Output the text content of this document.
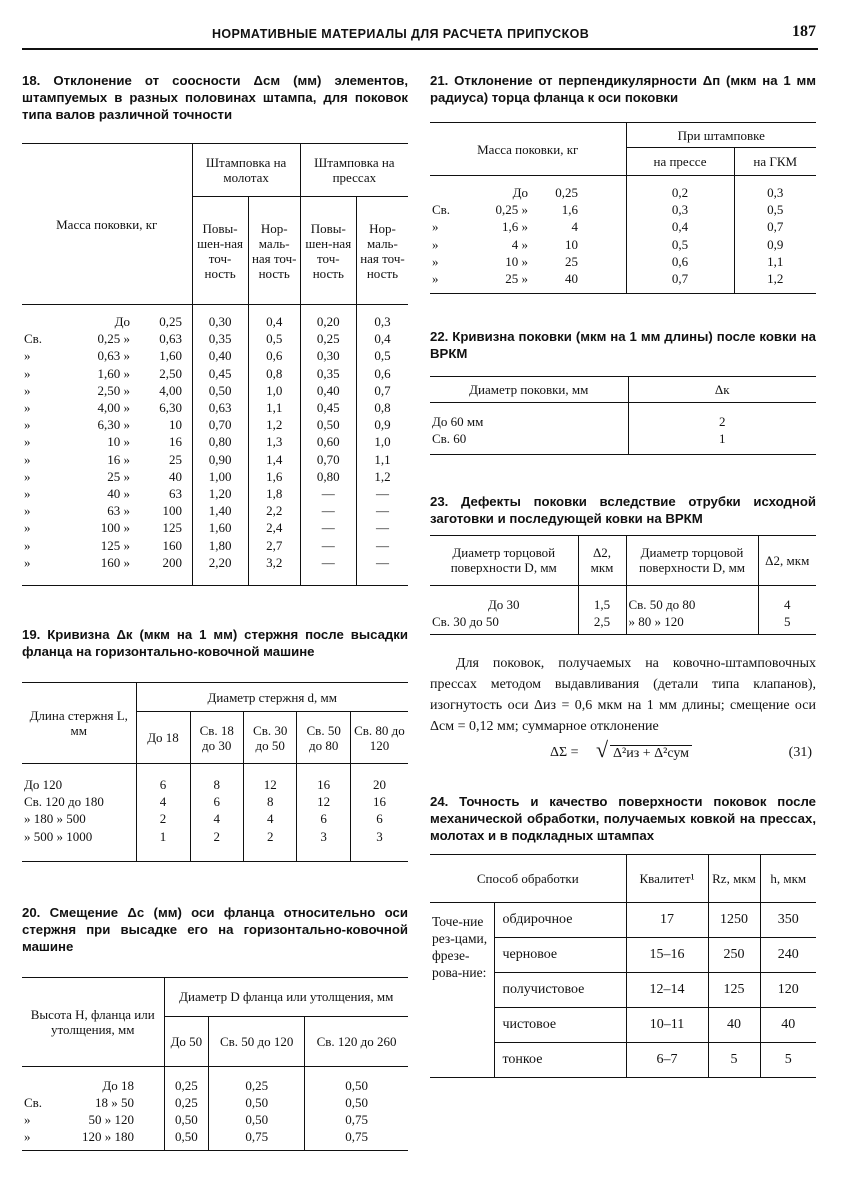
НОРМАТИВНЫЕ МАТЕРИАЛЫ ДЛЯ РАСЧЕТА ПРИПУСКОВ	187

18. Отклонение от соосности Δсм (мм) элементов, штампуемых в разных половинах штампа, для поковок типа валов различной точности

Масса поковки, кг	Штамповка на молотах		Штамповка на прессах	
	Повы-шен-ная точ-ность	Нор-маль-ная точ-ность	Повы-шен-ная точ-ность	Нор-маль-ная точ-ность
До 0,25	0,30	0,4	0,20	0,3
Св. 0,25 » 0,63	0,35	0,5	0,25	0,4
» 0,63 » 1,60	0,40	0,6	0,30	0,5
» 1,60 » 2,50	0,45	0,8	0,35	0,6
» 2,50 » 4,00	0,50	1,0	0,40	0,7
» 4,00 » 6,30	0,63	1,1	0,45	0,8
» 6,30 » 10	0,70	1,2	0,50	0,9
» 10 » 16	0,80	1,3	0,60	1,0
» 16 » 25	0,90	1,4	0,70	1,1
» 25 » 40	1,00	1,6	0,80	1,2
» 40 » 63	1,20	1,8	—	—
» 63 » 100	1,40	2,2	—	—
» 100 » 125	1,60	2,4	—	—
» 125 » 160	1,80	2,7	—	—
» 160 » 200	2,20	3,2	—	—

19. Кривизна Δк (мкм на 1 мм) стержня после высадки фланца на горизонтально-ковочной машине

Длина стержня L, мм	Диаметр стержня d, мм				
	До 18	Св. 18 до 30	Св. 30 до 50	Св. 50 до 80	Св. 80 до 120
До 120	6	8	12	16	20
Св. 120 до 180	4	6	8	12	16
» 180 » 500	2	4	4	6	6
» 500 » 1000	1	2	2	3	3

20. Смещение Δс (мм) оси фланца относительно оси стержня при высадке его на горизонтально-ковочной машине

Высота Н, фланца или утолщения, мм	Диаметр D фланца или утолщения, мм		
	До 50	Св. 50 до 120	Св. 120 до 260
До 18	0,25	0,25	0,50
Св. 18 » 50	0,25	0,50	0,50
» 50 » 120	0,50	0,50	0,75
» 120 » 180	0,50	0,75	0,75

21. Отклонение от перпендикулярности Δп (мкм на 1 мм радиуса) торца фланца к оси поковки

Масса поковки, кг	При штамповке	
	на прессе	на ГКМ
До 0,25	0,2	0,3
Св. 0,25 » 1,6	0,3	0,5
» 1,6 » 4	0,4	0,7
» 4 » 10	0,5	0,9
» 10 » 25	0,6	1,1
» 25 » 40	0,7	1,2

22. Кривизна поковки (мкм на 1 мм длины) после ковки на ВРКМ

Диаметр поковки, мм	Δк
До 60 мм	2
Св. 60	1

23. Дефекты поковки вследствие отрубки исходной заготовки и последующей ковки на ВРКМ

Диаметр торцовой поверхности D, мм	Δ2, мкм	Диаметр торцовой поверхности D, мм	Δ2, мкм
До 30	1,5	Св. 50 до 80	4
Св. 30 до 50	2,5	» 80 » 120	5

Для поковок, получаемых на ковочно-штамповочных прессах методом выдавливания (детали типа клапанов), изогнутость оси Δиз = 0,6 мкм на 1 мм длины; смещение оси Δсм = 0,12 мм; суммарное отклонение

ΔΣ = √ Δ²из + Δ²сум	(31)

24. Точность и качество поверхности поковок после механической обработки, получаемых ковкой на прессах, молотах и в подкладных штампах

Способ обработки		Квалитет¹	Rz, мкм	h, мкм
Точе-ние рез-цами, фрезе-рова-ние:	обдирочное	17	1250	350
	черновое	15–16	250	240
	получистовое	12–14	125	120
	чистовое	10–11	40	40
	тонкое	6–7	5	5
